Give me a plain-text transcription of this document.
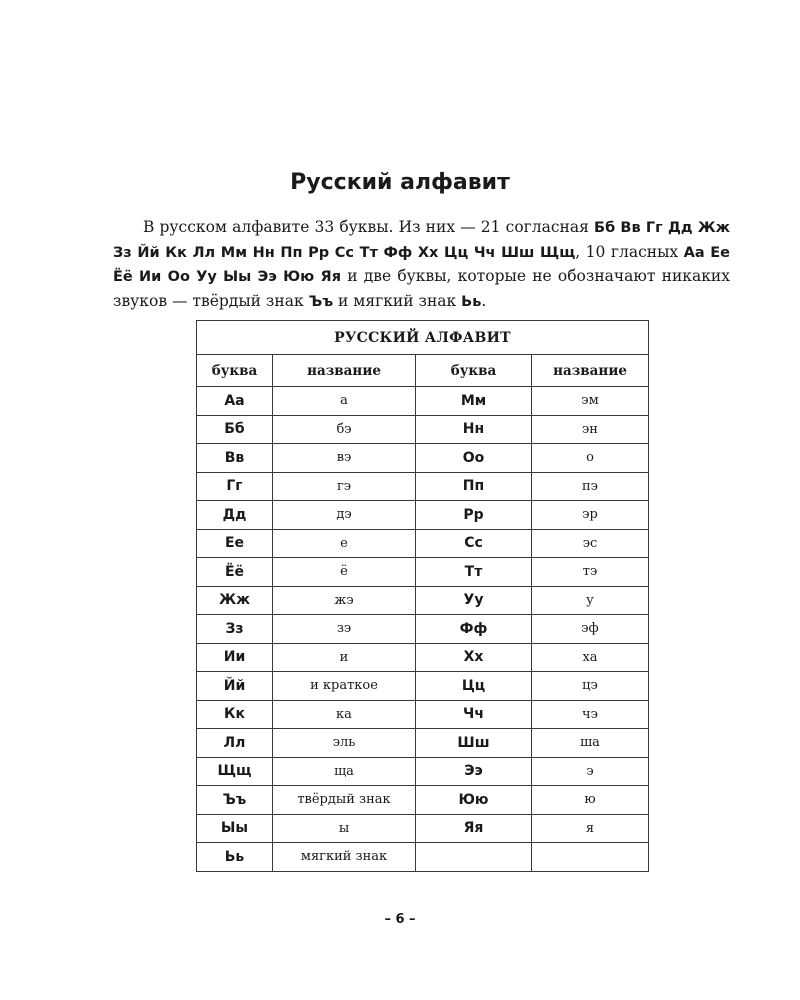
Русский алфавит

В русском алфавите 33 буквы. Из них — 21 согласная Бб Вв Гг Дд Жж Зз Йй Кк Лл Мм Нн Пп Рр Сс Тт Фф Хх Цц Чч Шш Щщ, 10 гласных Аа Ее Ёё Ии Оо Уу Ыы Ээ Юю Яя и две буквы, которые не обозначают никаких звуков — твёрдый знак Ъъ и мягкий знак Ьь.

РУССКИЙ АЛФАВИТ			
буква	название	буква	название
Аа	а	Мм	эм
Бб	бэ	Нн	эн
Вв	вэ	Оо	о
Гг	гэ	Пп	пэ
Дд	дэ	Рр	эр
Ее	е	Сс	эс
Ёё	ё	Тт	тэ
Жж	жэ	Уу	у
Зз	зэ	Фф	эф
Ии	и	Хх	ха
Йй	и краткое	Цц	цэ
Кк	ка	Чч	чэ
Лл	эль	Шш	ша
Щщ	ща	Ээ	э
Ъъ	твёрдый знак	Юю	ю
Ыы	ы	Яя	я
Ьь	мягкий знак		
– 6 –
